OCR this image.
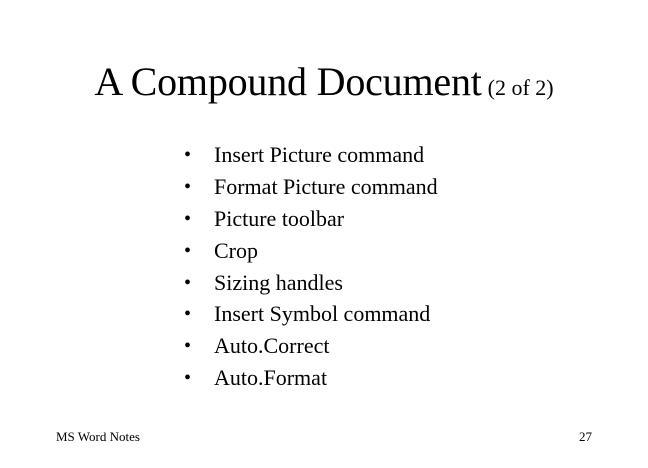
A Compound Document (2 of 2)
•	Insert Picture command
•	Format Picture command
•	Picture toolbar
•	Crop
•	Sizing handles
•	Insert Symbol command
•	Auto.Correct
•	Auto.Format
MS Word Notes	27
